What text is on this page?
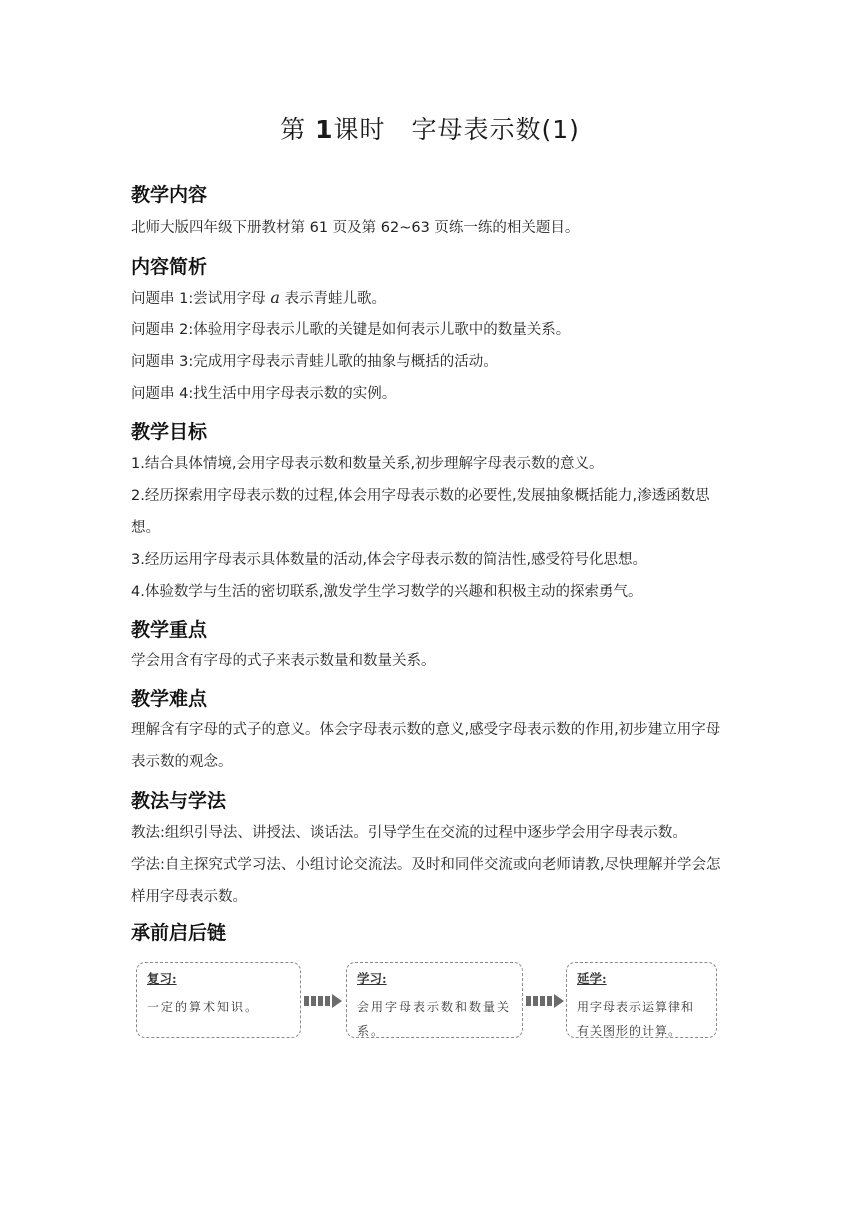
第 1课时　字母表示数(1)
教学内容
北师大版四年级下册教材第 61 页及第 62~63 页练一练的相关题目。
内容简析
问题串 1:尝试用字母 a 表示青蛙儿歌。
问题串 2:体验用字母表示儿歌的关键是如何表示儿歌中的数量关系。
问题串 3:完成用字母表示青蛙儿歌的抽象与概括的活动。
问题串 4:找生活中用字母表示数的实例。
教学目标
1.结合具体情境,会用字母表示数和数量关系,初步理解字母表示数的意义。
2.经历探索用字母表示数的过程,体会用字母表示数的必要性,发展抽象概括能力,渗透函数思想。
3.经历运用字母表示具体数量的活动,体会字母表示数的简洁性,感受符号化思想。
4.体验数学与生活的密切联系,激发学生学习数学的兴趣和积极主动的探索勇气。
教学重点
学会用含有字母的式子来表示数量和数量关系。
教学难点
理解含有字母的式子的意义。体会字母表示数的意义,感受字母表示数的作用,初步建立用字母表示数的观念。
教法与学法
教法:组织引导法、讲授法、谈话法。引导学生在交流的过程中逐步学会用字母表示数。
学法:自主探究式学习法、小组讨论交流法。及时和同伴交流或向老师请教,尽快理解并学会怎样用字母表示数。
承前启后链
复习:
一定的算术知识。
学习:
会用字母表示数和数量关系。
延学:
用字母表示运算律和有关图形的计算。
